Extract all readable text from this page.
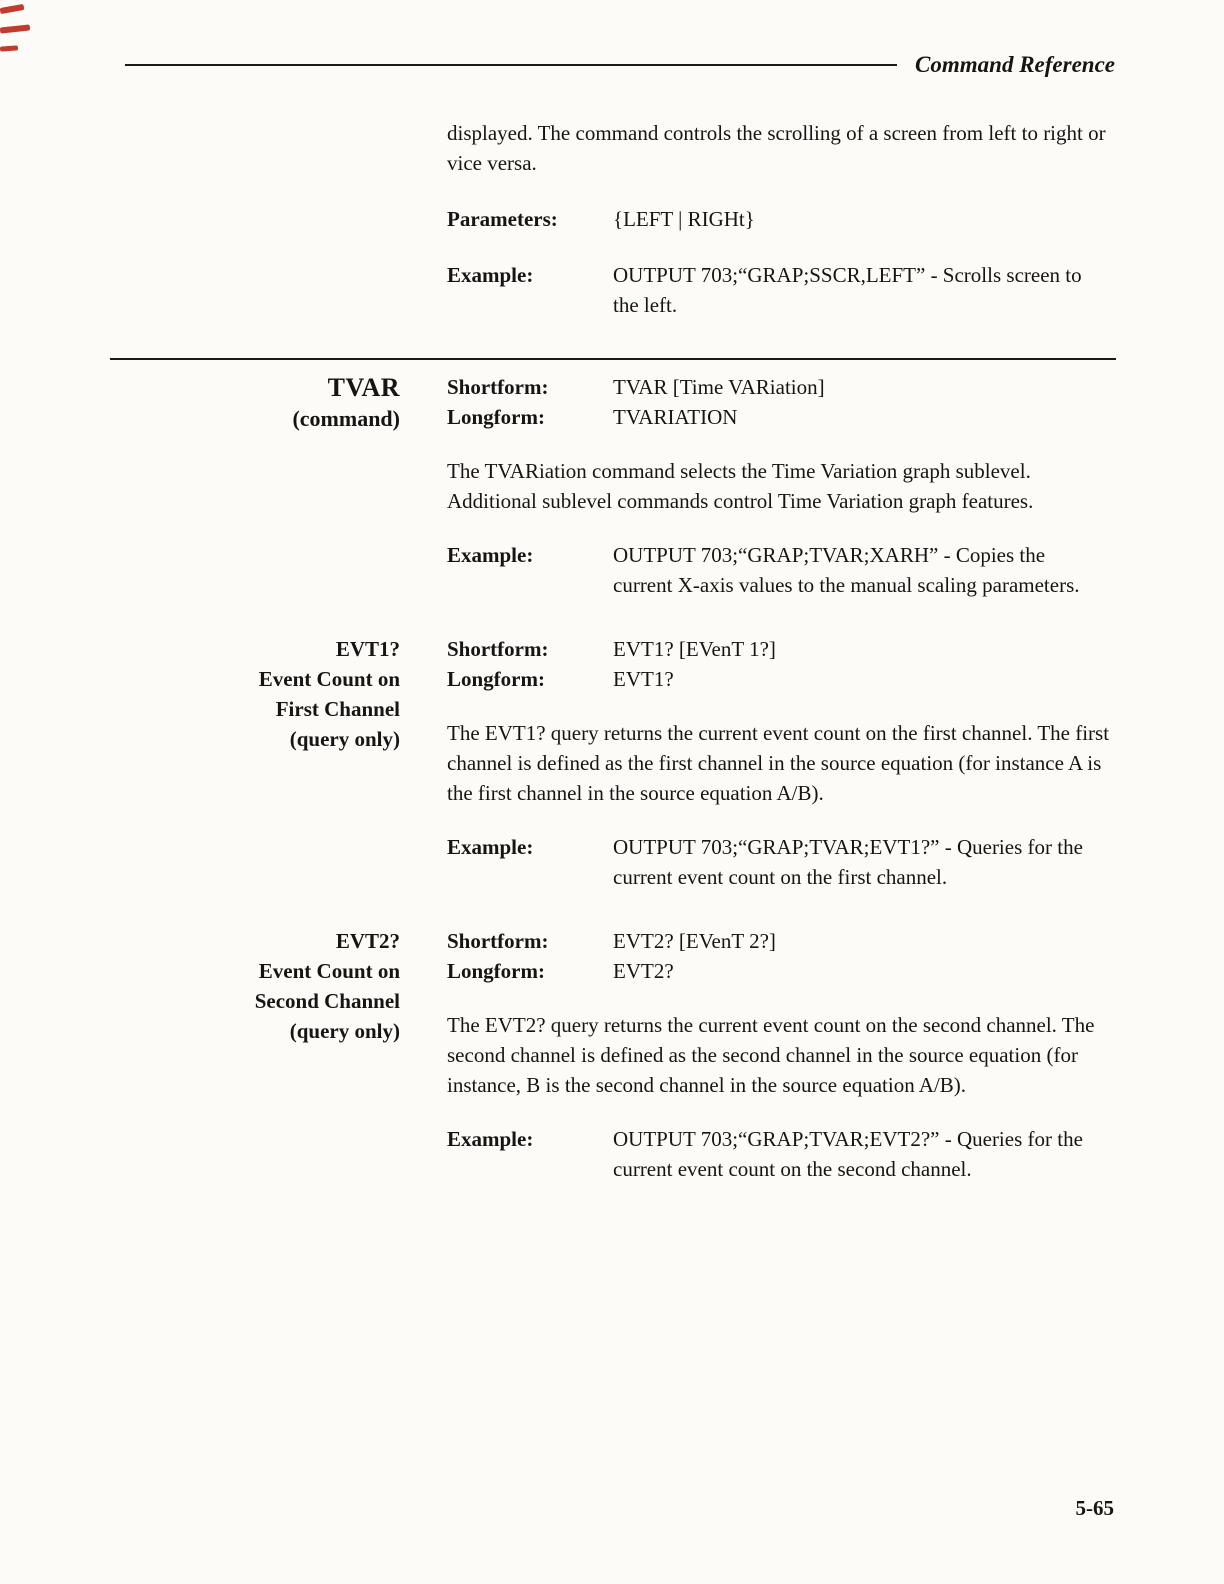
Command Reference

displayed. The command controls the scrolling of a screen from left to right or vice versa.

Parameters:	{LEFT | RIGHt}
Example:	OUTPUT 703;“GRAP;SSCR,LEFT” - Scrolls screen to the left.
TVAR
(command)
Shortform:	TVAR [Time VARiation]
Longform:	TVARIATION

The TVARiation command selects the Time Variation graph sublevel. Additional sublevel commands control Time Variation graph features.

Example:	OUTPUT 703;“GRAP;TVAR;XARH” - Copies the current X-axis values to the manual scaling parameters.
EVT1?
Event Count on
First Channel
(query only)
Shortform:	EVT1? [EVenT 1?]
Longform:	EVT1?

The EVT1? query returns the current event count on the first channel. The first channel is defined as the first channel in the source equation (for instance A is the first channel in the source equation A/B).

Example:	OUTPUT 703;“GRAP;TVAR;EVT1?” - Queries for the current event count on the first channel.
EVT2?
Event Count on
Second Channel
(query only)
Shortform:	EVT2? [EVenT 2?]
Longform:	EVT2?

The EVT2? query returns the current event count on the second channel. The second channel is defined as the second channel in the source equation (for instance, B is the second channel in the source equation A/B).

Example:	OUTPUT 703;“GRAP;TVAR;EVT2?” - Queries for the current event count on the second channel.
5-65
